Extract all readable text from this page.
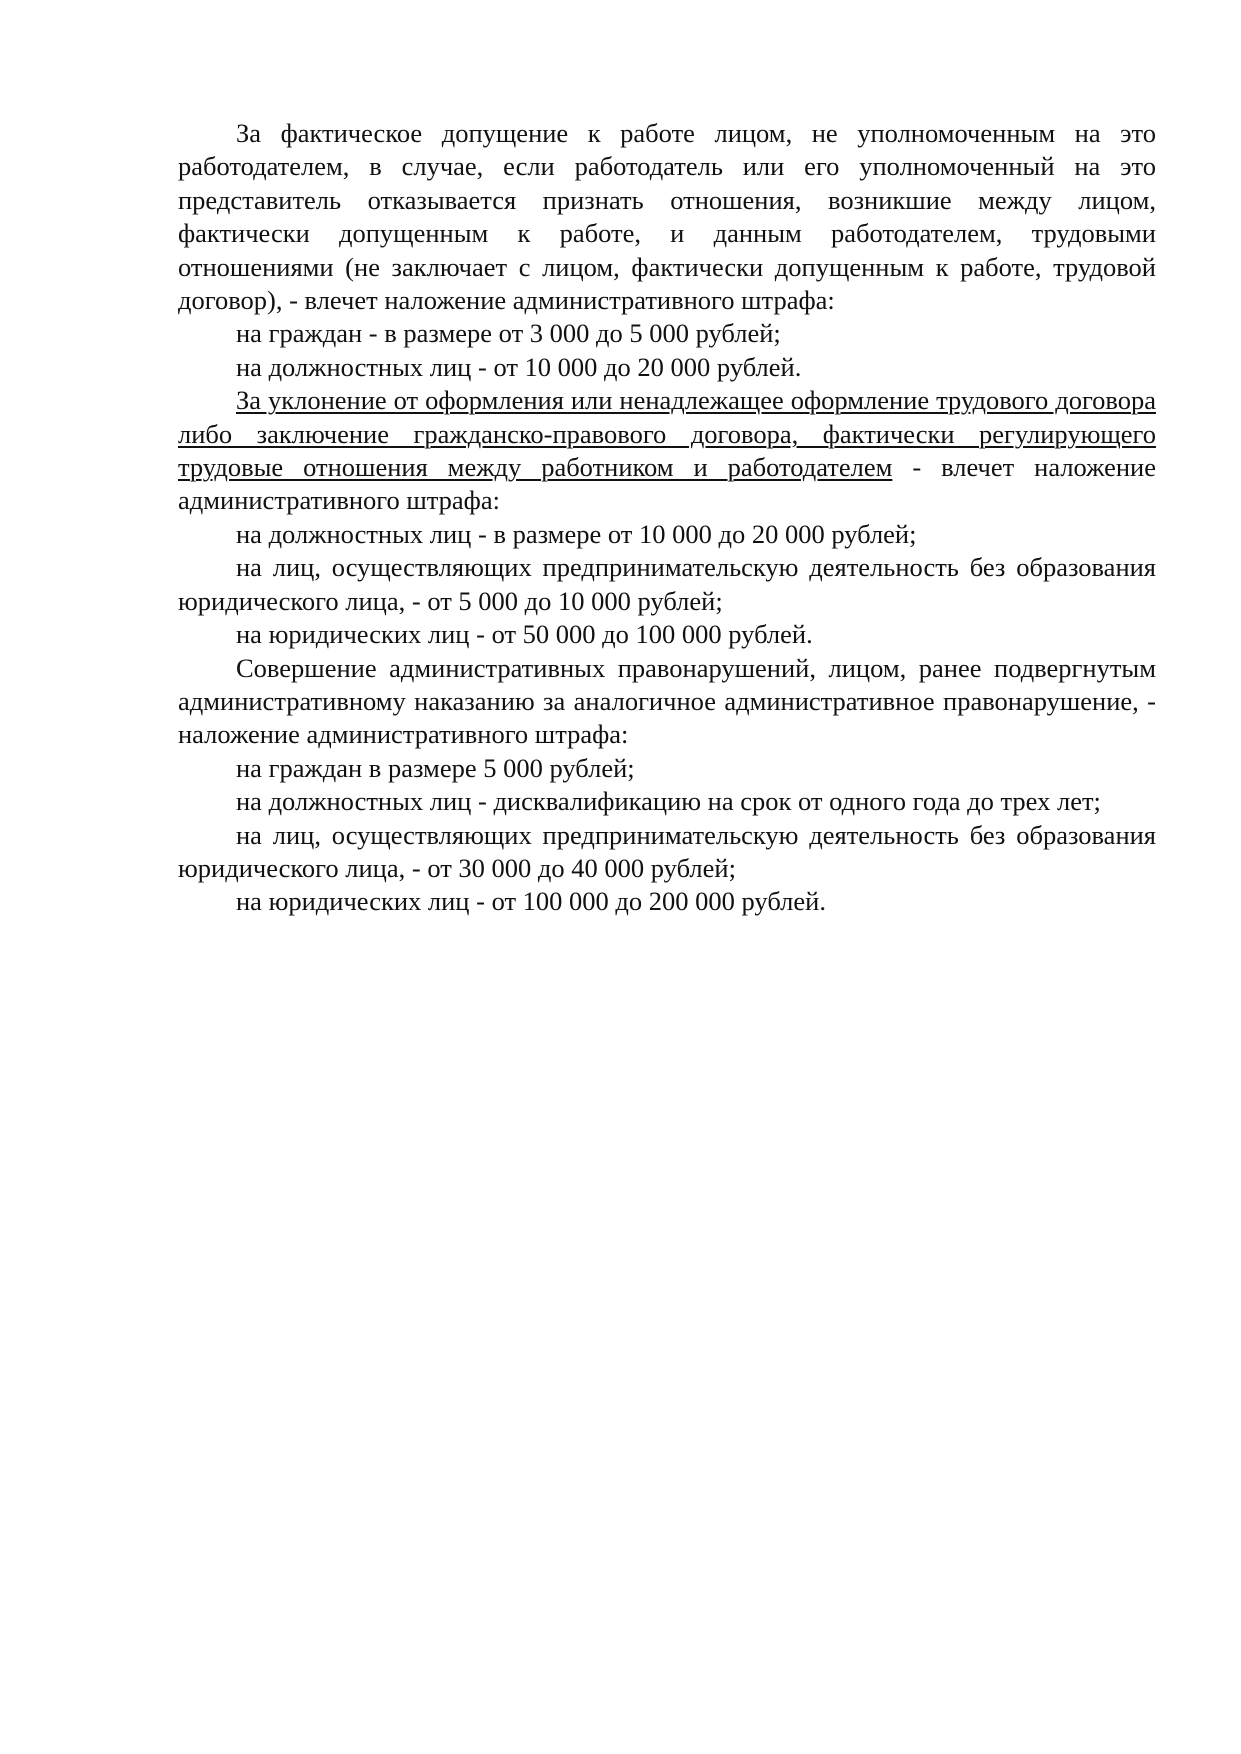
За фактическое допущение к работе лицом, не уполномоченным на это работодателем, в случае, если работодатель или его уполномоченный на это представитель отказывается признать отношения, возникшие между лицом, фактически допущенным к работе, и данным работодателем, трудовыми отношениями (не заключает с лицом, фактически допущенным к работе, трудовой договор), - влечет наложение административного штрафа:

на граждан - в размере от 3 000 до 5 000 рублей;

на должностных лиц - от 10 000 до 20 000 рублей.

За уклонение от оформления или ненадлежащее оформление трудового договора либо заключение гражданско-правового договора, фактически регулирующего трудовые отношения между работником и работодателем - влечет наложение административного штрафа:

на должностных лиц - в размере от 10 000 до 20 000 рублей;

на лиц, осуществляющих предпринимательскую деятельность без образования юридического лица, - от 5 000 до 10 000 рублей;

на юридических лиц - от 50 000 до 100 000 рублей.

Совершение административных правонарушений, лицом, ранее подвергнутым административному наказанию за аналогичное административное правонарушение, - наложение административного штрафа:

на граждан в размере 5 000 рублей;

на должностных лиц - дисквалификацию на срок от одного года до трех лет;

на лиц, осуществляющих предпринимательскую деятельность без образования юридического лица, - от 30 000 до 40 000 рублей;

на юридических лиц - от 100 000 до 200 000 рублей.
